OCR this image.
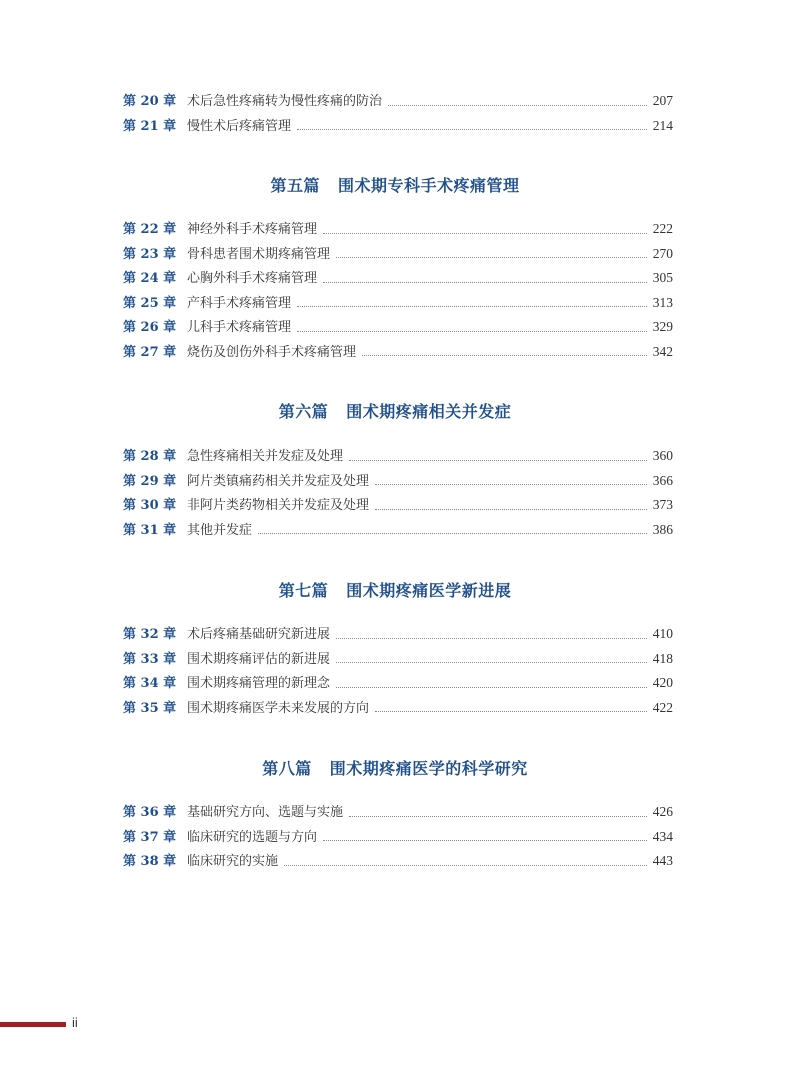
第 20 章 术后急性疼痛转为慢性疼痛的防治	207
第 21 章 慢性术后疼痛管理	214
第五篇 围术期专科手术疼痛管理
第 22 章 神经外科手术疼痛管理	222
第 23 章 骨科患者围术期疼痛管理	270
第 24 章 心胸外科手术疼痛管理	305
第 25 章 产科手术疼痛管理	313
第 26 章 儿科手术疼痛管理	329
第 27 章 烧伤及创伤外科手术疼痛管理	342
第六篇 围术期疼痛相关并发症
第 28 章 急性疼痛相关并发症及处理	360
第 29 章 阿片类镇痛药相关并发症及处理	366
第 30 章 非阿片类药物相关并发症及处理	373
第 31 章 其他并发症	386
第七篇 围术期疼痛医学新进展
第 32 章 术后疼痛基础研究新进展	410
第 33 章 围术期疼痛评估的新进展	418
第 34 章 围术期疼痛管理的新理念	420
第 35 章 围术期疼痛医学未来发展的方向	422
第八篇 围术期疼痛医学的科学研究
第 36 章 基础研究方向、选题与实施	426
第 37 章 临床研究的选题与方向	434
第 38 章 临床研究的实施	443
ii
